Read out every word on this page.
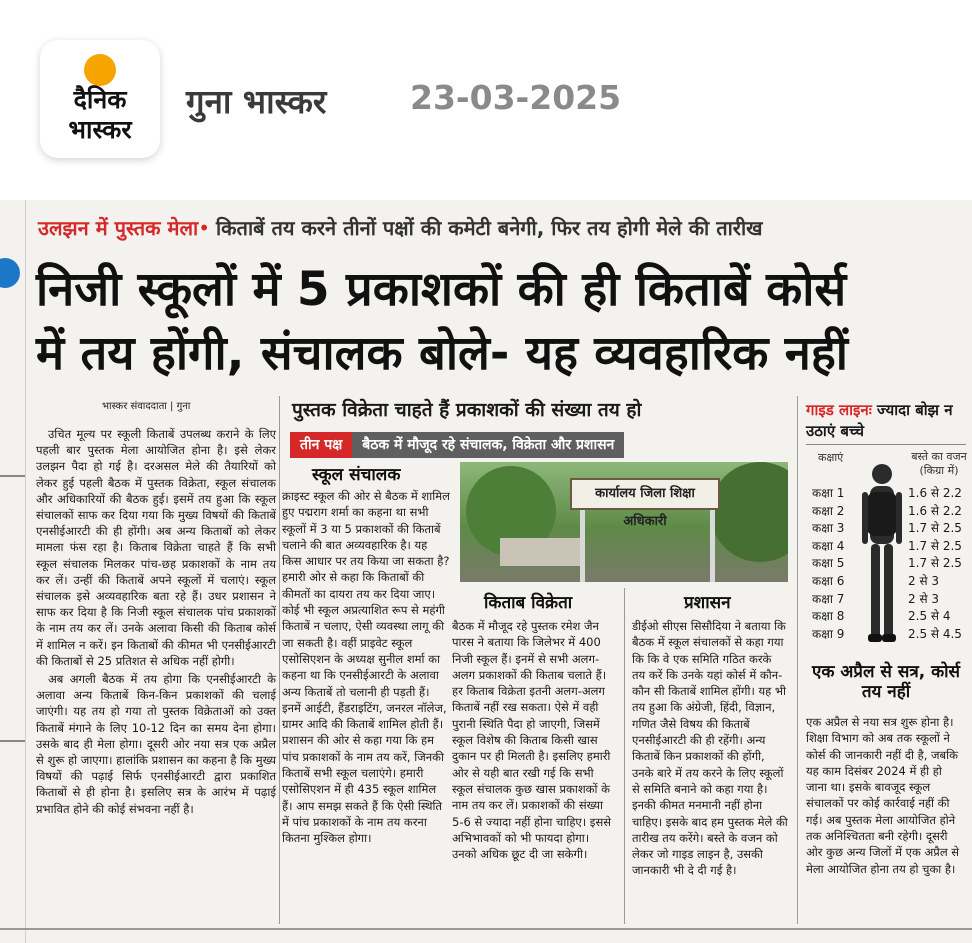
दैनिक
भास्कर
गुना भास्कर	23-03-2025
उलझन में पुस्तक मेला• किताबें तय करने तीनों पक्षों की कमेटी बनेगी, फिर तय होगी मेले की तारीख
निजी स्कूलों में 5 प्रकाशकों की ही किताबें कोर्स
में तय होंगी, संचालक बोले- यह व्यवहारिक नहीं
भास्कर संवाददाता | गुना

उचित मूल्य पर स्कूली किताबें उपलब्ध कराने के लिए पहली बार पुस्तक मेला आयोजित होना है। इसे लेकर उलझन पैदा हो गई है। दरअसल मेले की तैयारियों को लेकर हुई पहली बैठक में पुस्तक विक्रेता, स्कूल संचालक और अधिकारियों की बैठक हुई। इसमें तय हुआ कि स्कूल संचालकों साफ कर दिया गया कि मुख्य विषयों की किताबें एनसीईआरटी की ही होंगी। अब अन्य किताबों को लेकर मामला फंस रहा है। किताब विक्रेता चाहते हैं कि सभी स्कूल संचालक मिलकर पांच-छह प्रकाशकों के नाम तय कर लें। उन्हीं की किताबें अपने स्कूलों में चलाएं। स्कूल संचालक इसे अव्यवहारिक बता रहे हैं। उधर प्रशासन ने साफ कर दिया है कि निजी स्कूल संचालक पांच प्रकाशकों के नाम तय कर लें। उनके अलावा किसी की किताब कोर्स में शामिल न करें। इन किताबों की कीमत भी एनसीईआरटी की किताबों से 25 प्रतिशत से अधिक नहीं होगी।

अब अगली बैठक में तय होगा कि एनसीईआरटी के अलावा अन्य किताबें किन-किन प्रकाशकों की चलाई जाएंगी। यह तय हो गया तो पुस्तक विक्रेताओं को उक्त किताबें मंगाने के लिए 10-12 दिन का समय देना होगा। उसके बाद ही मेला होगा। दूसरी ओर नया सत्र एक अप्रैल से शुरू हो जाएगा। हालांकि प्रशासन का कहना है कि मुख्य विषयों की पढ़ाई सिर्फ एनसीईआरटी द्वारा प्रकाशित किताबों से ही होना है। इसलिए सत्र के आरंभ में पढ़ाई प्रभावित होने की कोई संभवना नहीं है।

पुस्तक विक्रेता चाहते हैं प्रकाशकों की संख्या तय हो
तीन पक्ष	बैठक में मौजूद रहे संचालक, विक्रेता और प्रशासन
स्कूल संचालक
क्राइस्ट स्कूल की ओर से बैठक में शामिल हुए पद्मराग शर्मा का कहना था सभी स्कूलों में 3 या 5 प्रकाशकों की किताबें चलाने की बात अव्यवहारिक है। यह किस आधार पर तय किया जा सकता है? हमारी ओर से कहा कि किताबों की कीमतों का दायरा तय कर दिया जाए। कोई भी स्कूल अप्रत्याशित रूप से महंगी किताबें न चलाए, ऐसी व्यवस्था लागू की जा सकती है। वहीं प्राइवेट स्कूल एसोसिएशन के अध्यक्ष सुनील शर्मा का कहना था कि एनसीईआरटी के अलावा अन्य किताबें तो चलानी ही पड़ती हैं। इनमें आईटी, हैंडराइटिंग, जनरल नॉलेज, ग्रामर आदि की किताबें शामिल होती हैं। प्रशासन की ओर से कहा गया कि हम पांच प्रकाशकों के नाम तय करें, जिनकी किताबें सभी स्कूल चलाएंगे। हमारी एसोसिएशन में ही 435 स्कूल शामिल हैं। आप समझ सकते हैं कि ऐसी स्थिति में पांच प्रकाशकों के नाम तय करना कितना मुश्किल होगा।
कार्यालय जिला शिक्षा अधिकारी
किताब विक्रेता
बैठक में मौजूद रहे पुस्तक रमेश जैन पारस ने बताया कि जिलेभर में 400 निजी स्कूल हैं। इनमें से सभी अलग-अलग प्रकाशकों की किताब चलाते हैं। हर किताब विक्रेता इतनी अलग-अलग किताबें नहीं रख सकता। ऐसे में वही पुरानी स्थिति पैदा हो जाएगी, जिसमें स्कूल विशेष की किताब किसी खास दुकान पर ही मिलती है। इसलिए हमारी ओर से यही बात रखी गई कि सभी स्कूल संचालक कुछ खास प्रकाशकों के नाम तय कर लें। प्रकाशकों की संख्या 5-6 से ज्यादा नहीं होना चाहिए। इससे अभिभावकों को भी फायदा होगा। उनको अधिक छूट दी जा सकेगी।
प्रशासन
डीईओ सीएस सिसौदिया ने बताया कि बैठक में स्कूल संचालकों से कहा गया कि कि वे एक समिति गठित करके तय करें कि उनके यहां कोर्स में कौन-कौन सी किताबें शामिल होंगी। यह भी तय हुआ कि अंग्रेजी, हिंदी, विज्ञान, गणित जैसे विषय की किताबें एनसीईआरटी की ही रहेंगी। अन्य किताबें किन प्रकाशकों की होंगी, उनके बारे में तय करने के लिए स्कूलों से समिति बनाने को कहा गया है। इनकी कीमत मनमानी नहीं होना चाहिए। इसके बाद हम पुस्तक मेले की तारीख तय करेंगे। बस्ते के वजन को लेकर जो गाइड लाइन है, उसकी जानकारी भी दे दी गई है।
गाइड लाइनः ज्यादा बोझ न उठाएं बच्चे
कक्षाएं	बस्ते का वजन (किग्रा में)
कक्षा 1	1.6 से 2.2
कक्षा 2	1.6 से 2.2
कक्षा 3	1.7 से 2.5
कक्षा 4	1.7 से 2.5
कक्षा 5	1.7 से 2.5
कक्षा 6	2 से 3
कक्षा 7	2 से 3
कक्षा 8	2.5 से 4
कक्षा 9	2.5 से 4.5
एक अप्रैल से सत्र, कोर्स तय नहीं
एक अप्रैल से नया सत्र शुरू होना है। शिक्षा विभाग को अब तक स्कूलों ने कोर्स की जानकारी नहीं दी है, जबकि यह काम दिसंबर 2024 में ही हो जाना था। इसके बावजूद स्कूल संचालकों पर कोई कार्रवाई नहीं की गई। अब पुस्तक मेला आयोजित होने तक अनिश्चितता बनी रहेगी। दूसरी ओर कुछ अन्य जिलों में एक अप्रैल से मेला आयोजित होना तय हो चुका है।
